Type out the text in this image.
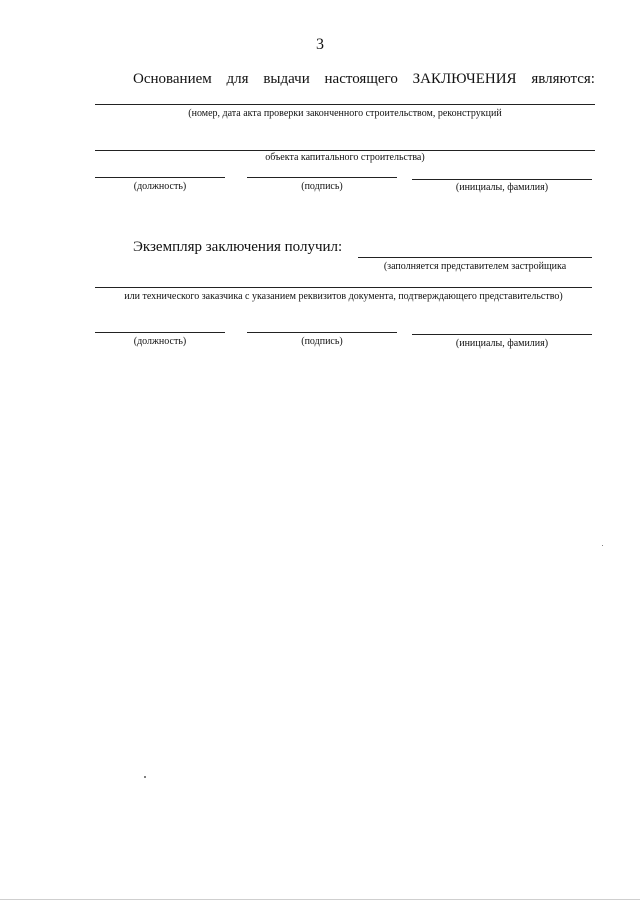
3
Основанием для выдачи настоящего ЗАКЛЮЧЕНИЯ являются:
(номер, дата акта проверки законченного строительством, реконструкций
объекта капитального строительства)
(должность)	(подпись)	(инициалы, фамилия)
Экземпляр заключения получил:
(заполняется представителем застройщика
или технического заказчика с указанием реквизитов документа, подтверждающего представительство)
(должность)	(подпись)	(инициалы, фамилия)
